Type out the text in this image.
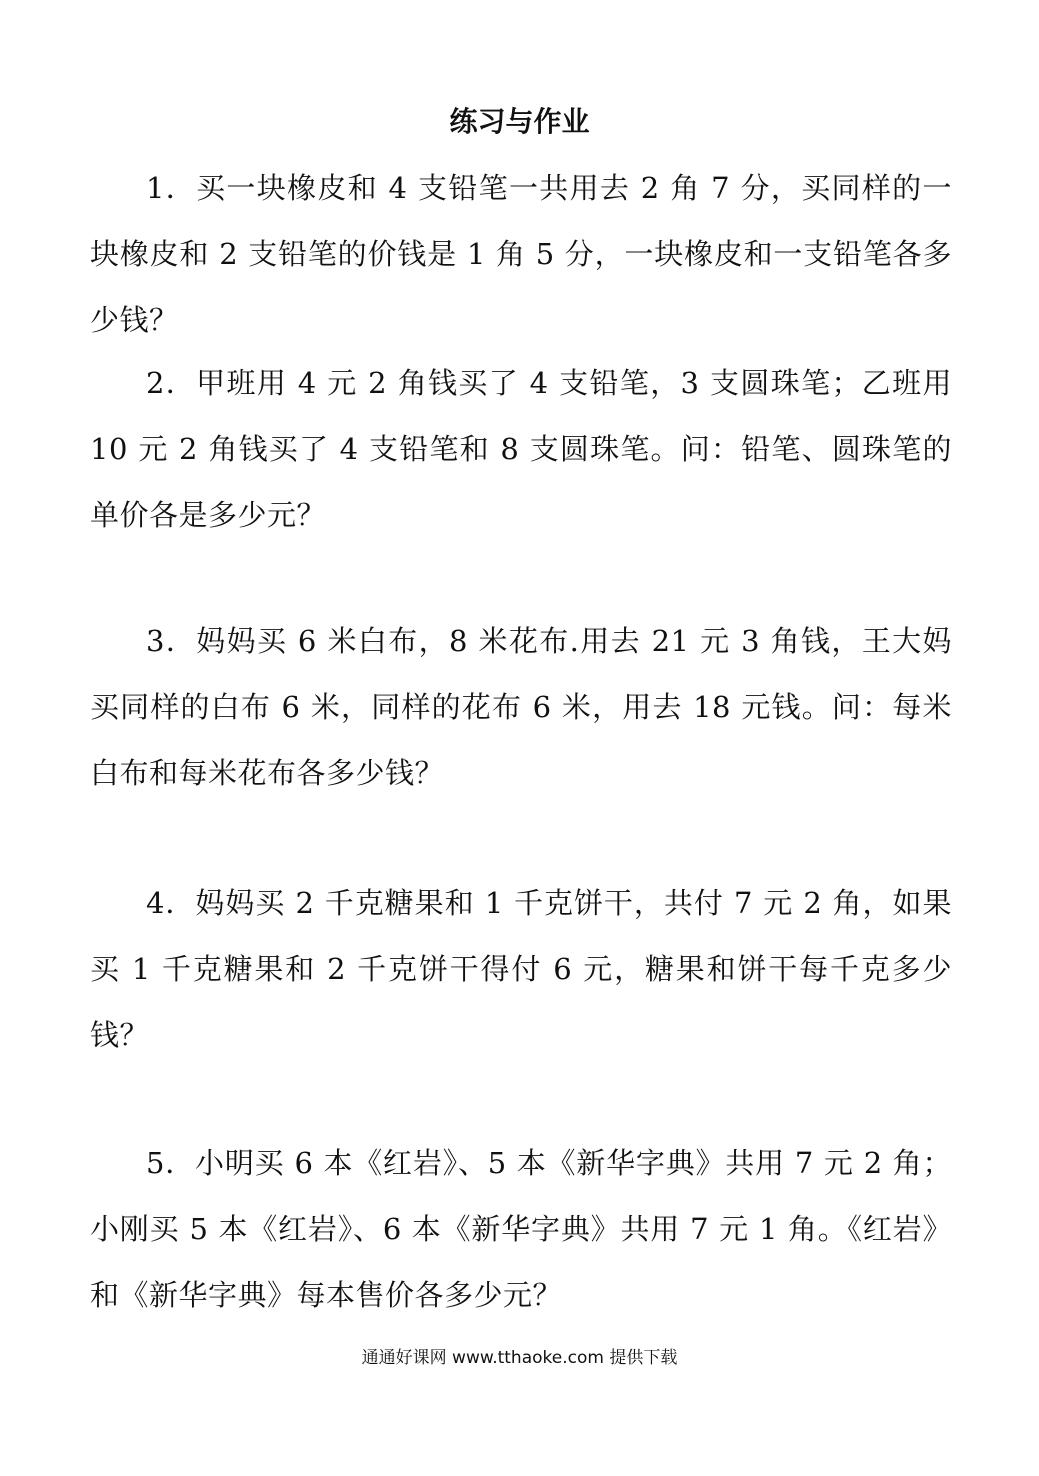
练习与作业

1．买一块橡皮和 4 支铅笔一共用去 2 角 7 分，买同样的一块橡皮和 2 支铅笔的价钱是 1 角 5 分，一块橡皮和一支铅笔各多少钱？

2．甲班用 4 元 2 角钱买了 4 支铅笔，3 支圆珠笔；乙班用 10 元 2 角钱买了 4 支铅笔和 8 支圆珠笔。问：铅笔、圆珠笔的单价各是多少元？

3．妈妈买 6 米白布，8 米花布.用去 21 元 3 角钱，王大妈买同样的白布 6 米，同样的花布 6 米，用去 18 元钱。问：每米白布和每米花布各多少钱？

4．妈妈买 2 千克糖果和 1 千克饼干，共付 7 元 2 角，如果买 1 千克糖果和 2 千克饼干得付 6 元，糖果和饼干每千克多少钱？

5．小明买 6 本《红岩》、5 本《新华字典》共用 7 元 2 角；小刚买 5 本《红岩》、6 本《新华字典》共用 7 元 1 角。《红岩》和《新华字典》每本售价各多少元？

通通好课网 www.tthaoke.com 提供下载
